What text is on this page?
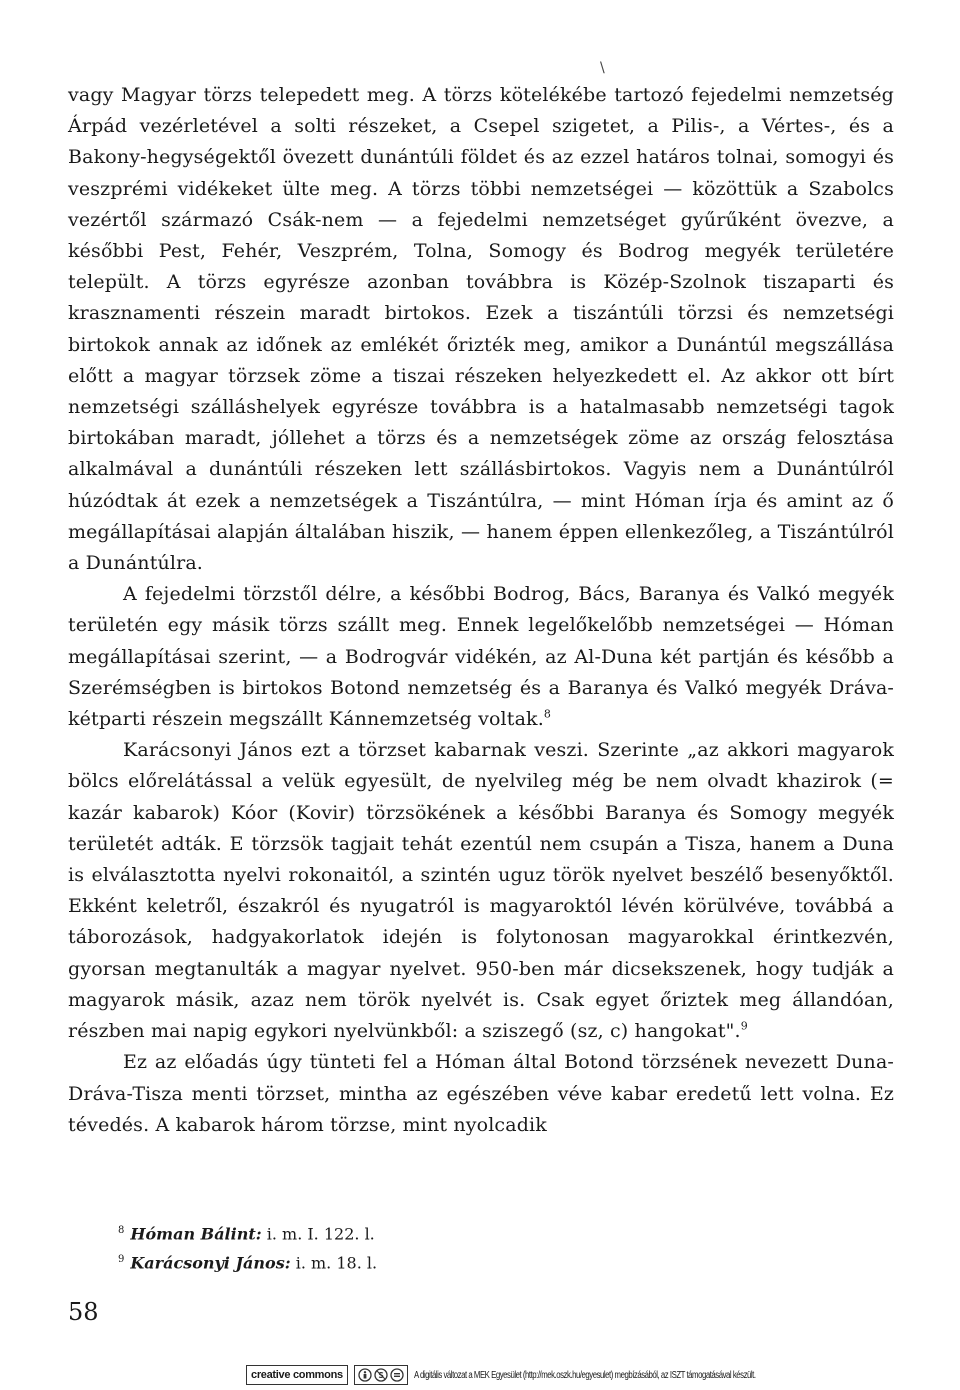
\

vagy Magyar törzs telepedett meg. A törzs kötelékébe tartozó fejedelmi nemzetség Árpád vezérletével a solti részeket, a Csepel szigetet, a Pilis-, a Vértes-, és a Bakony-hegységektől övezett dunántúli földet és az ezzel határos tolnai, somogyi és veszprémi vidékeket ülte meg. A törzs többi nemzetségei — közöttük a Szabolcs vezértől származó Csák-nem — a fejedelmi nemzetséget gyűrűként övezve, a későbbi Pest, Fehér, Veszprém, Tolna, Somogy és Bodrog megyék területére települt. A törzs egyrésze azonban továbbra is Közép-Szolnok tiszaparti és krasznamenti részein maradt birtokos. Ezek a tiszántúli törzsi és nemzetségi birtokok annak az időnek az emlékét őrizték meg, amikor a Dunántúl megszállása előtt a magyar törzsek zöme a tiszai részeken helyezkedett el. Az akkor ott bírt nemzetségi szálláshelyek egyrésze továbbra is a hatalmasabb nemzetségi tagok birtokában maradt, jóllehet a törzs és a nemzetségek zöme az ország felosztása alkalmával a dunántúli részeken lett szállásbirtokos. Vagyis nem a Dunántúlról húzódtak át ezek a nemzetségek a Tiszántúlra, — mint Hóman írja és amint az ő megállapításai alapján általában hiszik, — hanem éppen ellenkezőleg, a Tiszántúlról a Dunántúlra.

A fejedelmi törzstől délre, a későbbi Bodrog, Bács, Baranya és Valkó megyék területén egy másik törzs szállt meg. Ennek legelőkelőbb nemzetségei — Hóman megállapításai szerint, — a Bodrogvár vidékén, az Al-Duna két partján és később a Szerémségben is birtokos Botond nemzetség és a Baranya és Valkó megyék Dráva-kétparti részein megszállt Kánnemzetség voltak.$^8$

Karácsonyi János ezt a törzset kabarnak veszi. Szerinte „az akkori magyarok bölcs előrelátással a velük egyesült, de nyelvileg még be nem olvadt khazirok (= kazár kabarok) Kóor (Kovir) törzsökének a későbbi Baranya és Somogy megyék területét adták. E törzsök tagjait tehát ezentúl nem csupán a Tisza, hanem a Duna is elválasztotta nyelvi rokonaitól, a szintén uguz török nyelvet beszélő besenyőktől. Ekként keletről, északról és nyugatról is magyaroktól lévén körülvéve, továbbá a táborozások, hadgyakorlatok idején is folytonosan magyarokkal érintkezvén, gyorsan megtanulták a magyar nyelvet. 950-ben már dicsekszenek, hogy tudják a magyarok másik, azaz nem török nyelvét is. Csak egyet őriztek meg állandóan, részben mai napig egykori nyelvünkből: a sziszegő (sz, c) hangokat".$^9$

Ez az előadás úgy tünteti fel a Hóman által Botond törzsének nevezett Duna-Dráva-Tisza menti törzset, mintha az egészében véve kabar eredetű lett volna. Ez tévedés. A kabarok három törzse, mint nyolcadik

$^8$ Hóman Bálint: i. m. I. 122. l.
$^9$ Karácsonyi János: i. m. 18. l.
58
creative
commons	A digitális változat a MEK Egyesület (http://mek.oszk.hu/egyesulet) megbízásából, az ISZT támogatásával készült.
